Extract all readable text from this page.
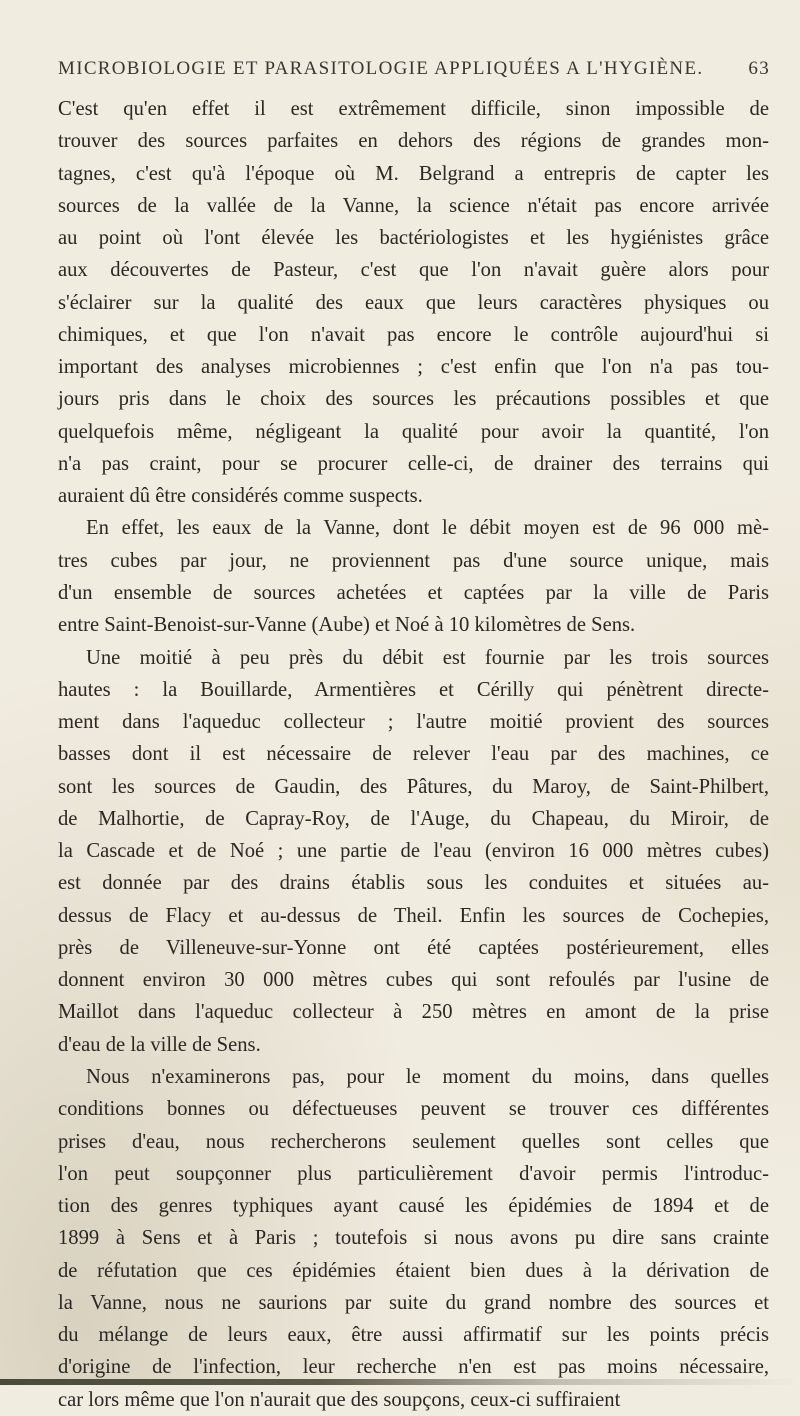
MICROBIOLOGIE ET PARASITOLOGIE APPLIQUÉES A L'HYGIÈNE. 63
C'est qu'en effet il est extrêmement difficile, sinon impossible de
trouver des sources parfaites en dehors des régions de grandes mon-
tagnes, c'est qu'à l'époque où M. Belgrand a entrepris de capter les
sources de la vallée de la Vanne, la science n'était pas encore arrivée
au point où l'ont élevée les bactériologistes et les hygiénistes grâce
aux découvertes de Pasteur, c'est que l'on n'avait guère alors pour
s'éclairer sur la qualité des eaux que leurs caractères physiques ou
chimiques, et que l'on n'avait pas encore le contrôle aujourd'hui si
important des analyses microbiennes ; c'est enfin que l'on n'a pas tou-
jours pris dans le choix des sources les précautions possibles et que
quelquefois même, négligeant la qualité pour avoir la quantité, l'on
n'a pas craint, pour se procurer celle-ci, de drainer des terrains qui
auraient dû être considérés comme suspects.
En effet, les eaux de la Vanne, dont le débit moyen est de 96 000 mè-
tres cubes par jour, ne proviennent pas d'une source unique, mais
d'un ensemble de sources achetées et captées par la ville de Paris
entre Saint-Benoist-sur-Vanne (Aube) et Noé à 10 kilomètres de Sens.
Une moitié à peu près du débit est fournie par les trois sources
hautes : la Bouillarde, Armentières et Cérilly qui pénètrent directe-
ment dans l'aqueduc collecteur ; l'autre moitié provient des sources
basses dont il est nécessaire de relever l'eau par des machines, ce
sont les sources de Gaudin, des Pâtures, du Maroy, de Saint-Philbert,
de Malhortie, de Capray-Roy, de l'Auge, du Chapeau, du Miroir, de
la Cascade et de Noé ; une partie de l'eau (environ 16 000 mètres cubes)
est donnée par des drains établis sous les conduites et situées au-
dessus de Flacy et au-dessus de Theil. Enfin les sources de Cochepies,
près de Villeneuve-sur-Yonne ont été captées postérieurement, elles
donnent environ 30 000 mètres cubes qui sont refoulés par l'usine de
Maillot dans l'aqueduc collecteur à 250 mètres en amont de la prise
d'eau de la ville de Sens.
Nous n'examinerons pas, pour le moment du moins, dans quelles
conditions bonnes ou défectueuses peuvent se trouver ces différentes
prises d'eau, nous rechercherons seulement quelles sont celles que
l'on peut soupçonner plus particulièrement d'avoir permis l'introduc-
tion des genres typhiques ayant causé les épidémies de 1894 et de
1899 à Sens et à Paris ; toutefois si nous avons pu dire sans crainte
de réfutation que ces épidémies étaient bien dues à la dérivation de
la Vanne, nous ne saurions par suite du grand nombre des sources et
du mélange de leurs eaux, être aussi affirmatif sur les points précis
d'origine de l'infection, leur recherche n'en est pas moins nécessaire,
car lors même que l'on n'aurait que des soupçons, ceux-ci suffiraient
